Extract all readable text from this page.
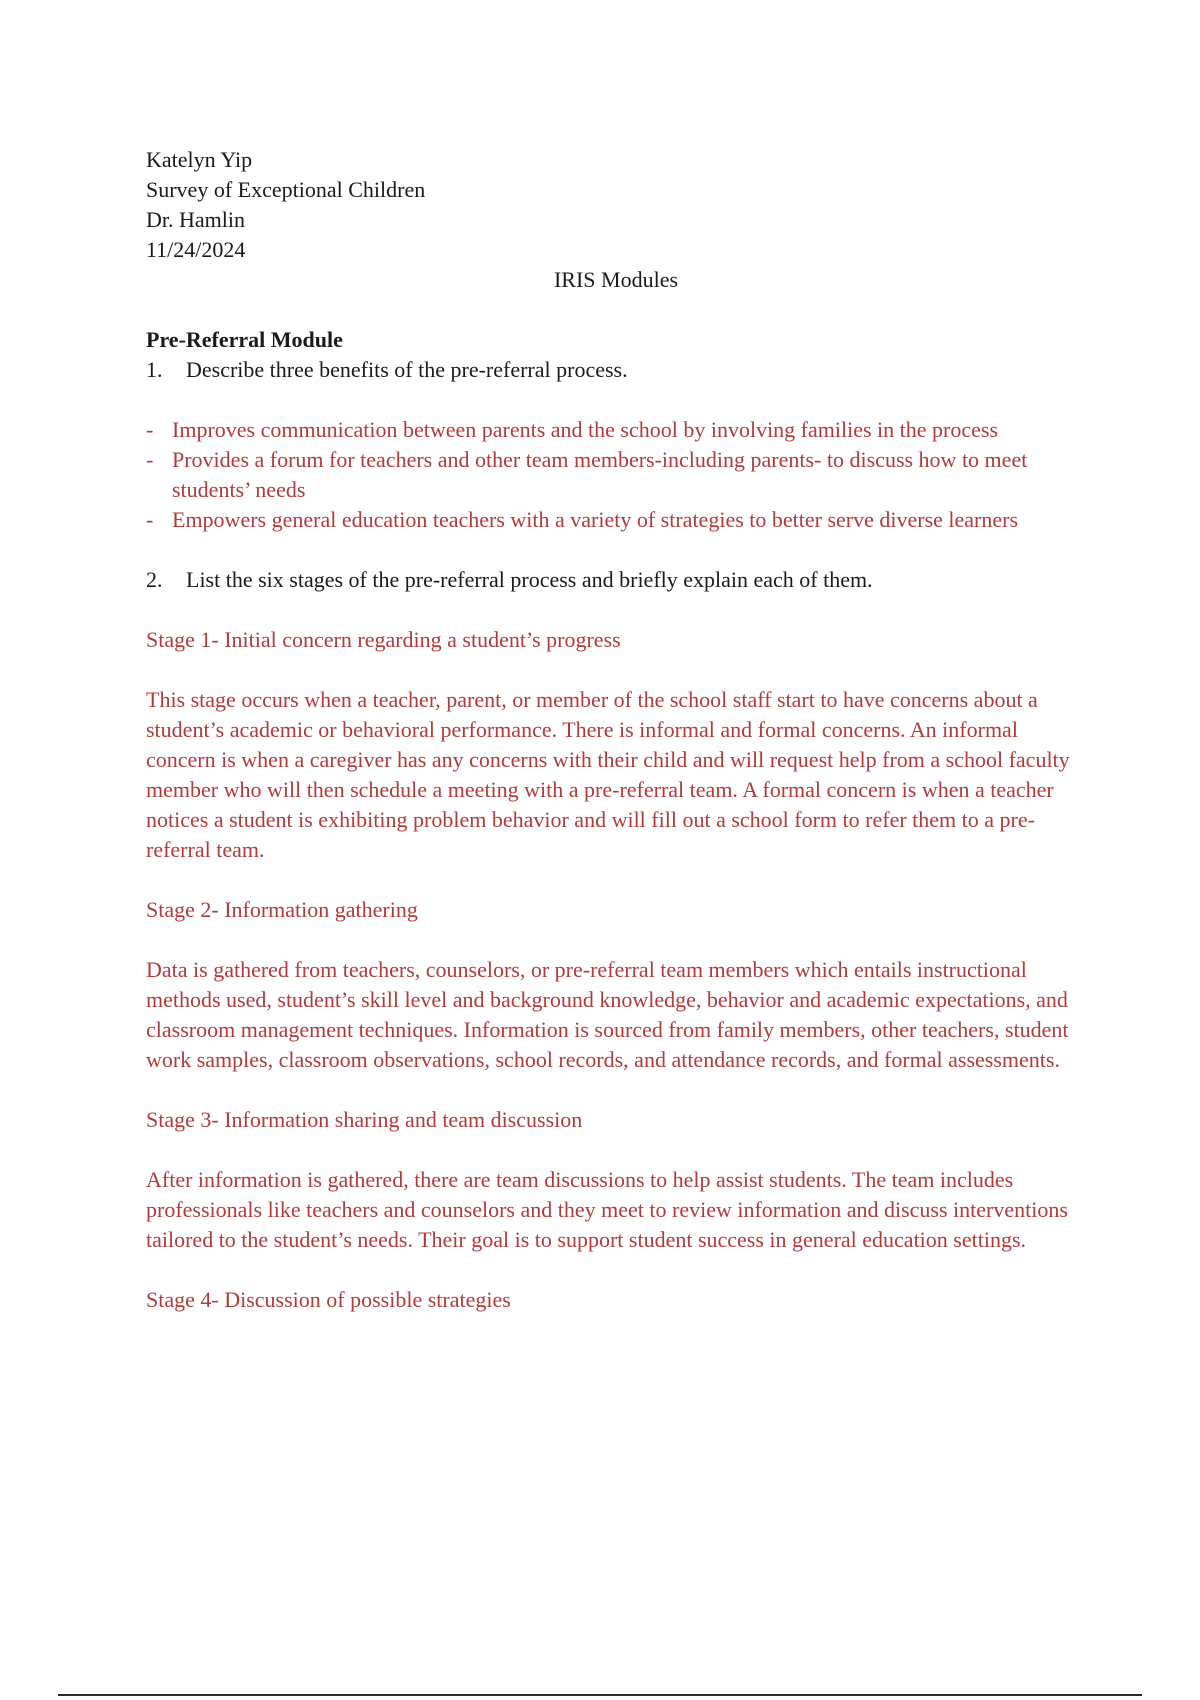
Katelyn Yip
Survey of Exceptional Children
Dr. Hamlin
11/24/2024
IRIS Modules
Pre-Referral Module
1.	Describe three benefits of the pre-referral process.
- Improves communication between parents and the school by involving families in the process
- Provides a forum for teachers and other team members-including parents- to discuss how to meet students’ needs
- Empowers general education teachers with a variety of strategies to better serve diverse learners
2.	List the six stages of the pre-referral process and briefly explain each of them.
Stage 1- Initial concern regarding a student’s progress
This stage occurs when a teacher, parent, or member of the school staff start to have concerns about a student’s academic or behavioral performance. There is informal and formal concerns. An informal concern is when a caregiver has any concerns with their child and will request help from a school faculty member who will then schedule a meeting with a pre-referral team. A formal concern is when a teacher notices a student is exhibiting problem behavior and will fill out a school form to refer them to a pre-referral team.
Stage 2- Information gathering
Data is gathered from teachers, counselors, or pre-referral team members which entails instructional methods used, student’s skill level and background knowledge, behavior and academic expectations, and classroom management techniques. Information is sourced from family members, other teachers, student work samples, classroom observations, school records, and attendance records, and formal assessments.
Stage 3- Information sharing and team discussion
After information is gathered, there are team discussions to help assist students. The team includes professionals like teachers and counselors and they meet to review information and discuss interventions tailored to the student’s needs. Their goal is to support student success in general education settings.
Stage 4- Discussion of possible strategies
